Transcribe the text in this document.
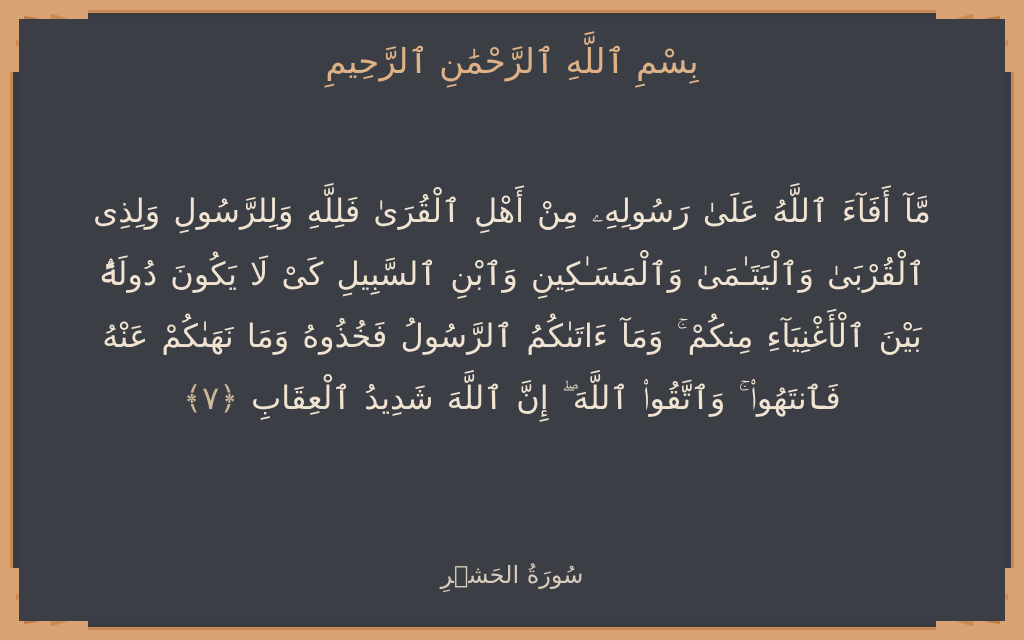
بِسْمِ ٱللَّهِ ٱلرَّحْمَٰنِ ٱلرَّحِيمِ
مَّآ أَفَآءَ ٱللَّهُ عَلَىٰ رَسُولِهِۦ مِنْ أَهْلِ ٱلْقُرَىٰ فَلِلَّهِ وَلِلرَّسُولِ وَلِذِى ٱلْقُرْبَىٰ وَٱلْيَتَـٰمَىٰ وَٱلْمَسَـٰكِينِ وَٱبْنِ ٱلسَّبِيلِ كَىْ لَا يَكُونَ دُولَةًۢ بَيْنَ ٱلْأَغْنِيَآءِ مِنكُمْ ۚ وَمَآ ءَاتَىٰكُمُ ٱلرَّسُولُ فَخُذُوهُ وَمَا نَهَىٰكُمْ عَنْهُ فَٱنتَهُوا۟ ۚ وَٱتَّقُوا۟ ٱللَّهَ ۖ إِنَّ ٱللَّهَ شَدِيدُ ٱلْعِقَابِ ﴿٧﴾
سُورَةُ الحَشۡرِ
